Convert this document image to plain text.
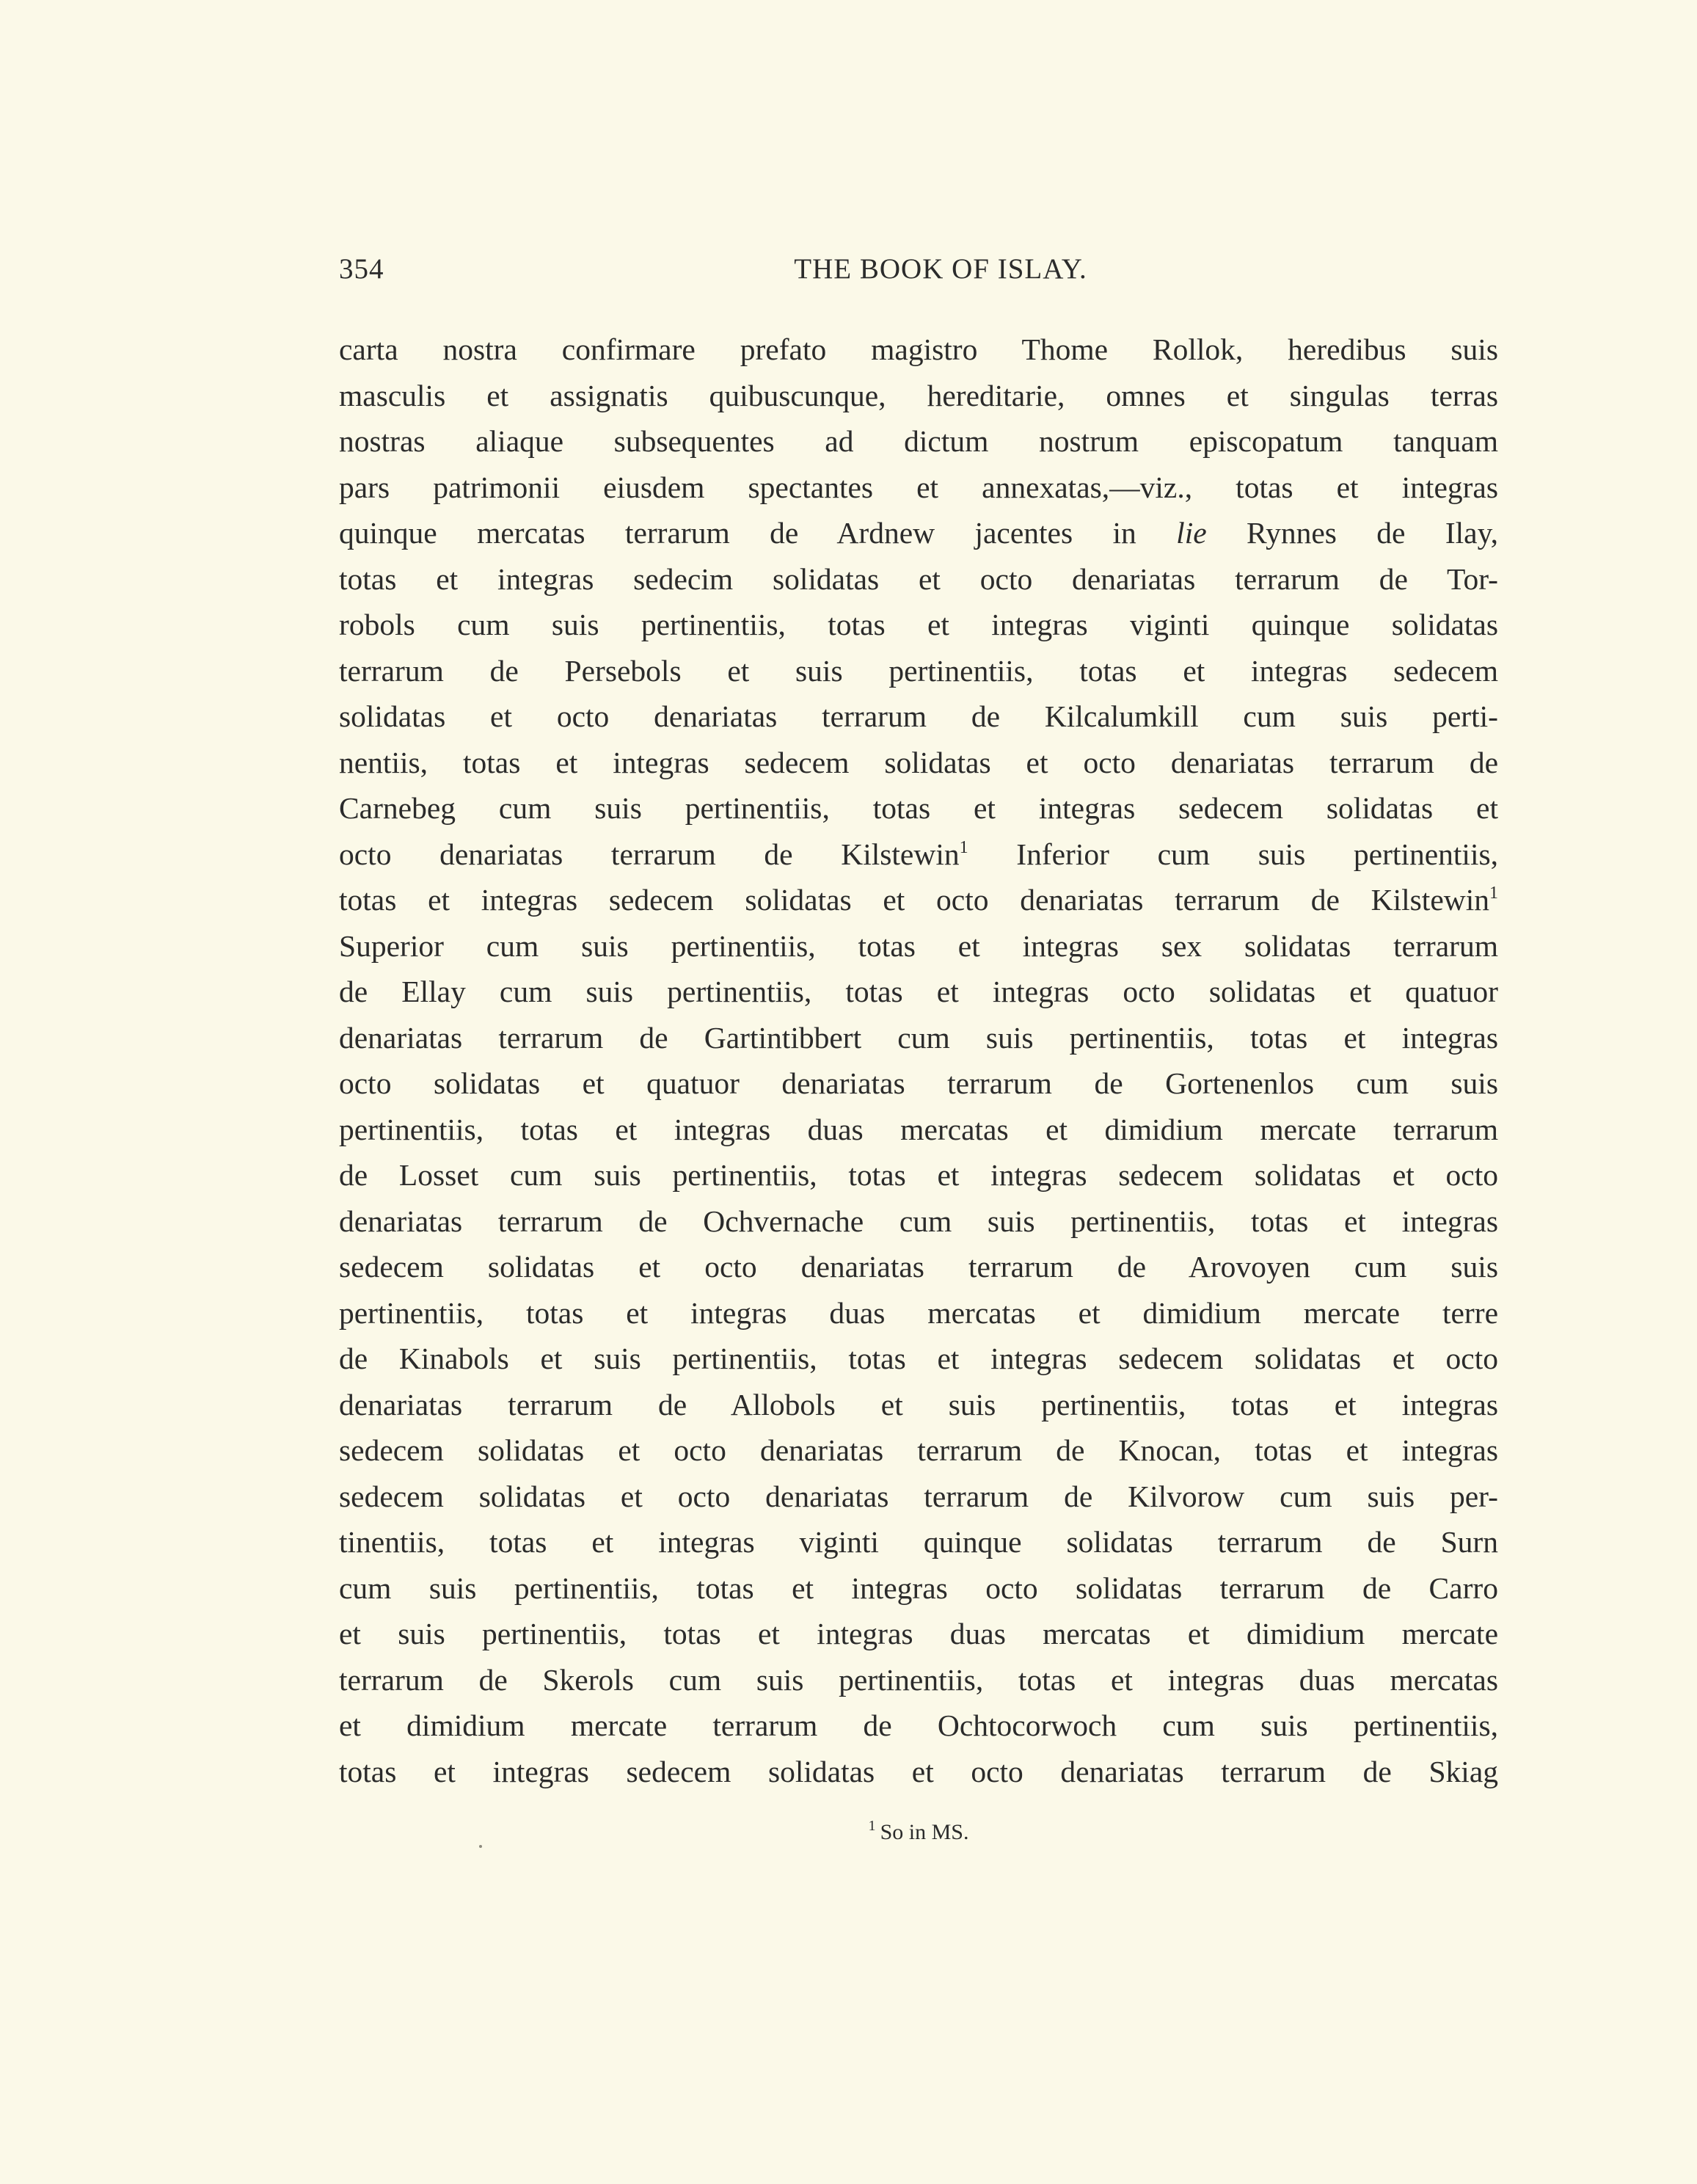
354	THE BOOK OF ISLAY.
carta nostra confirmare prefato magistro Thome Rollok, heredibus suis
masculis et assignatis quibuscunque, hereditarie, omnes et singulas terras
nostras aliaque subsequentes ad dictum nostrum episcopatum tanquam
pars patrimonii eiusdem spectantes et annexatas,—viz., totas et integras
quinque mercatas terrarum de Ardnew jacentes in lie Rynnes de Ilay,
totas et integras sedecim solidatas et octo denariatas terrarum de Tor-
robols cum suis pertinentiis, totas et integras viginti quinque solidatas
terrarum de Persebols et suis pertinentiis, totas et integras sedecem
solidatas et octo denariatas terrarum de Kilcalumkill cum suis perti-
nentiis, totas et integras sedecem solidatas et octo denariatas terrarum de
Carnebeg cum suis pertinentiis, totas et integras sedecem solidatas et
octo denariatas terrarum de Kilstewin$^1$ Inferior cum suis pertinentiis,
totas et integras sedecem solidatas et octo denariatas terrarum de Kilstewin$^1$
Superior cum suis pertinentiis, totas et integras sex solidatas terrarum
de Ellay cum suis pertinentiis, totas et integras octo solidatas et quatuor
denariatas terrarum de Gartintibbert cum suis pertinentiis, totas et integras
octo solidatas et quatuor denariatas terrarum de Gortenenlos cum suis
pertinentiis, totas et integras duas mercatas et dimidium mercate terrarum
de Losset cum suis pertinentiis, totas et integras sedecem solidatas et octo
denariatas terrarum de Ochvernache cum suis pertinentiis, totas et integras
sedecem solidatas et octo denariatas terrarum de Arovoyen cum suis
pertinentiis, totas et integras duas mercatas et dimidium mercate terre
de Kinabols et suis pertinentiis, totas et integras sedecem solidatas et octo
denariatas terrarum de Allobols et suis pertinentiis, totas et integras
sedecem solidatas et octo denariatas terrarum de Knocan, totas et integras
sedecem solidatas et octo denariatas terrarum de Kilvorow cum suis per-
tinentiis, totas et integras viginti quinque solidatas terrarum de Surn
cum suis pertinentiis, totas et integras octo solidatas terrarum de Carro
et suis pertinentiis, totas et integras duas mercatas et dimidium mercate
terrarum de Skerols cum suis pertinentiis, totas et integras duas mercatas
et dimidium mercate terrarum de Ochtocorwoch cum suis pertinentiis,
totas et integras sedecem solidatas et octo denariatas terrarum de Skiag
$^1$  So in MS.
